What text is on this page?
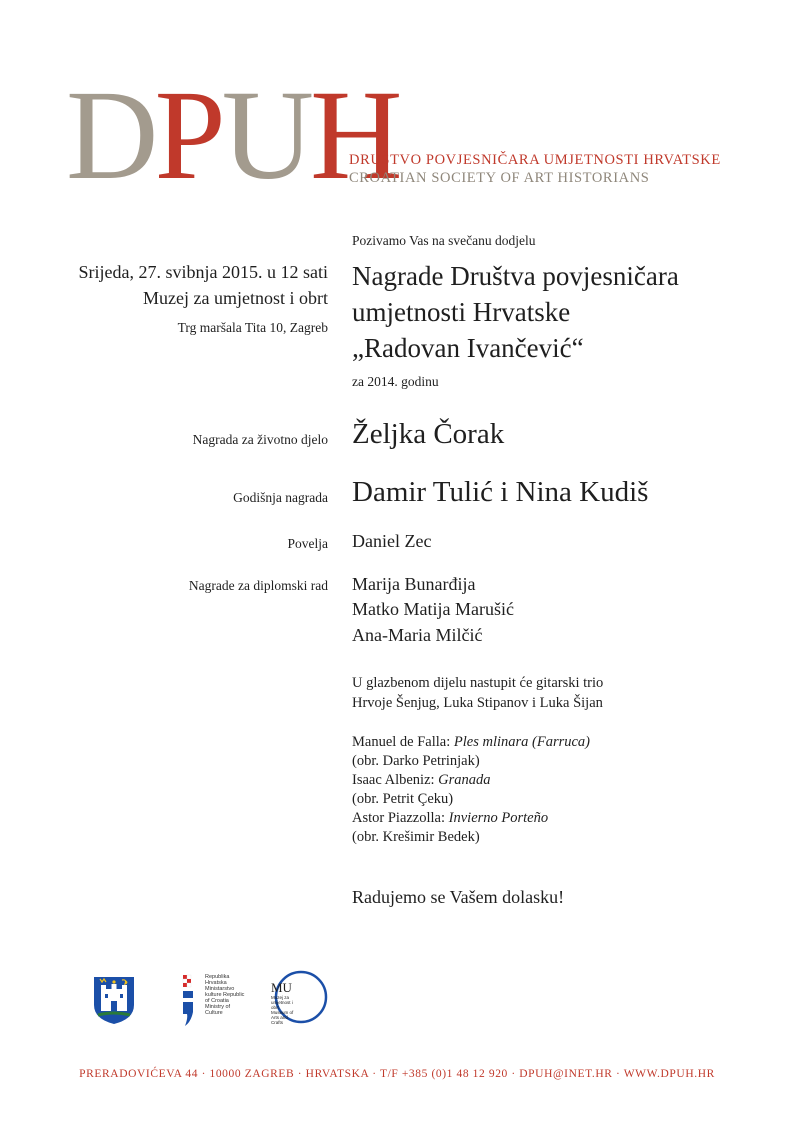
DPUH
DRUŠTVO POVJESNIČARA UMJETNOSTI HRVATSKE
CROATIAN SOCIETY OF ART HISTORIANS
Srijeda, 27. svibnja 2015. u 12 sati
Muzej za umjetnost i obrt
Trg maršala Tita 10, Zagreb
Pozivamo Vas na svečanu dodjelu
Nagrade Društva povjesničara
umjetnosti Hrvatske
„Radovan Ivančević“
za 2014. godinu
Nagrada za životno djelo Željka Čorak
Godišnja nagrada Damir Tulić i Nina Kudiš
Povelja Daniel Zec
Nagrade za diplomski rad Marija Bunarđija
Matko Matija Marušić
Ana-Maria Milčić
U glazbenom dijelu nastupit će gitarski trio
Hrvoje Šenjug, Luka Stipanov i Luka Šijan
Manuel de Falla: Ples mlinara (Farruca)
(obr. Darko Petrinjak)
Isaac Albeniz: Granada
(obr. Petrit Çeku)
Astor Piazzolla: Invierno Porteño
(obr. Krešimir Bedek)
Radujemo se Vašem dolasku!
Republika Hrvatska Ministarstvo kulture Republic of Croatia Ministry of Culture
MU
Muzej za umjetnost i obrt Museum of Arts and Crafts
PRERADOVIĆEVA 44 · 10000 ZAGREB · HRVATSKA · T/F +385 (0)1 48 12 920 · DPUH@INET.HR · WWW.DPUH.HR
